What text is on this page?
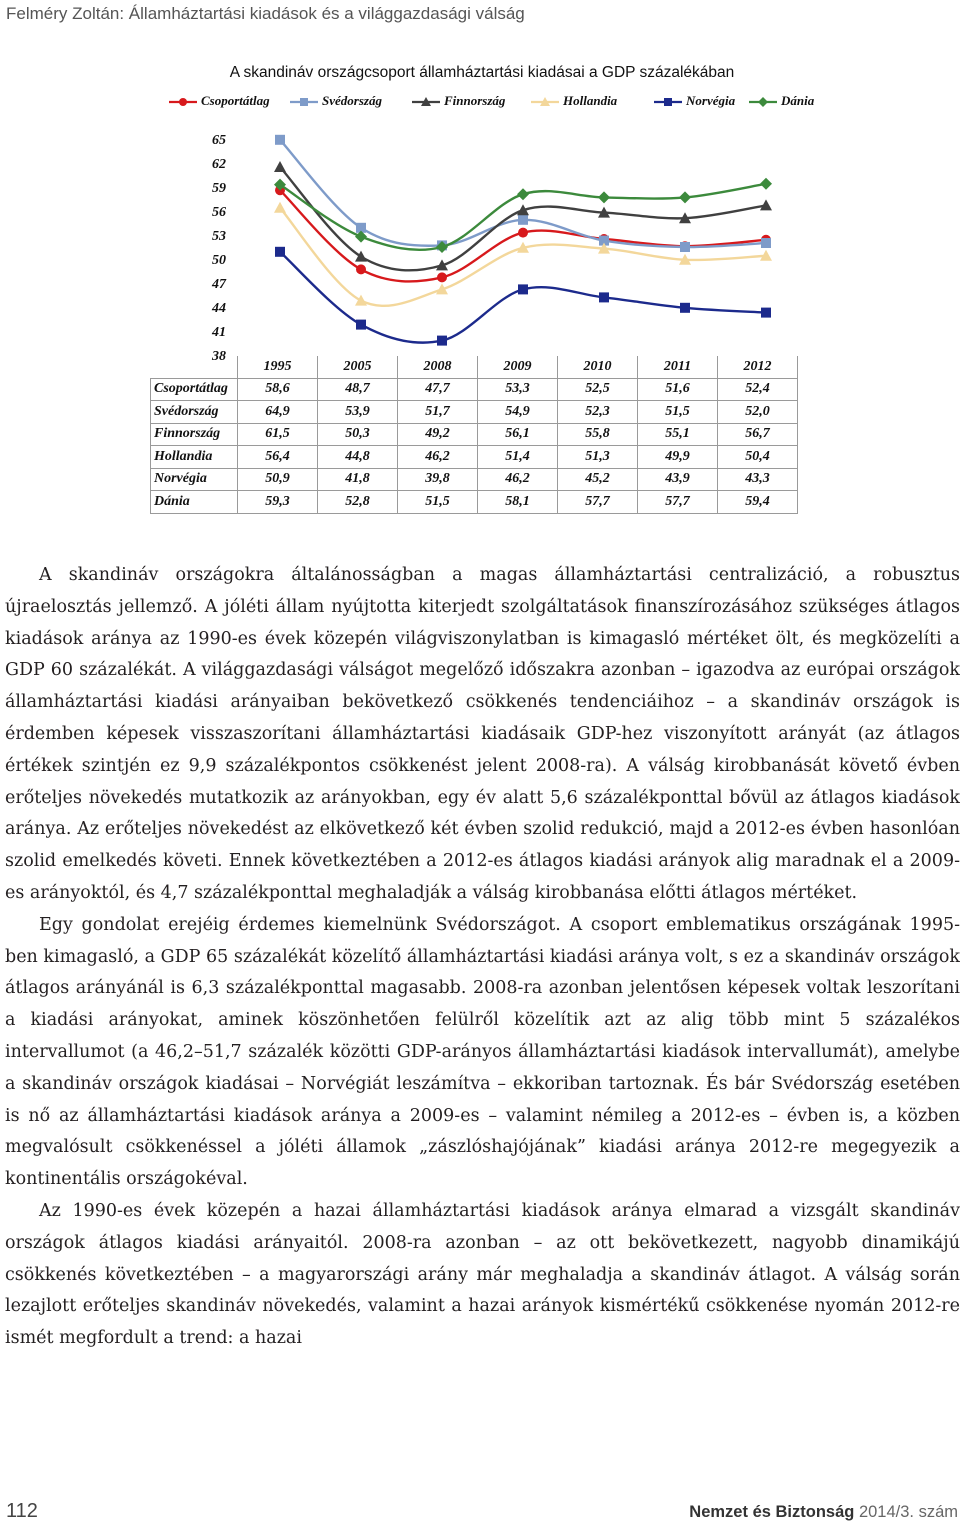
Felméry Zoltán: Államháztartási kiadások és a világgazdasági válság
A skandináv országcsoport államháztartási kiadásai a GDP százalékában
Csoportátlag	Svédország	Finnország	Hollandia	Norvégia	Dánia
65
62
59
56
53
50
47
44
41
38
	1995	2005	2008	2009	2010	2011	2012
Csoportátlag	58,6	48,7	47,7	53,3	52,5	51,6	52,4
Svédország	64,9	53,9	51,7	54,9	52,3	51,5	52,0
Finnország	61,5	50,3	49,2	56,1	55,8	55,1	56,7
Hollandia	56,4	44,8	46,2	51,4	51,3	49,9	50,4
Norvégia	50,9	41,8	39,8	46,2	45,2	43,9	43,3
Dánia	59,3	52,8	51,5	58,1	57,7	57,7	59,4

A skandináv országokra általánosságban a magas államháztartási centralizáció, a robusztus újraelosztás jellemző. A jóléti állam nyújtotta kiterjedt szolgáltatások finanszírozásához szükséges átlagos kiadások aránya az 1990-es évek közepén világviszonylatban is kimagasló mértéket ölt, és megközelíti a GDP 60 százalékát. A világgazdasági válságot megelőző időszakra azonban – igazodva az európai országok államháztartási kiadási arányaiban bekövetkező csökkenés tendenciáihoz – a skandináv országok is érdemben képesek visszaszorítani államháztartási kiadásaik GDP-hez viszonyított arányát (az átlagos értékek szintjén ez 9,9 százalékpontos csökkenést jelent 2008-ra). A válság kirobbanását követő évben erőteljes növekedés mutatkozik az arányokban, egy év alatt 5,6 százalékponttal bővül az átlagos kiadások aránya. Az erőteljes növekedést az elkövetkező két évben szolid redukció, majd a 2012-es évben hasonlóan szolid emelkedés követi. Ennek következtében a 2012-es átlagos kiadási arányok alig maradnak el a 2009-es arányoktól, és 4,7 százalékponttal meghaladják a válság kirobbanása előtti átlagos mértéket.

Egy gondolat erejéig érdemes kiemelnünk Svédországot. A csoport emblematikus országának 1995-ben kimagasló, a GDP 65 százalékát közelítő államháztartási kiadási aránya volt, s ez a skandináv országok átlagos arányánál is 6,3 százalékponttal magasabb. 2008-ra azonban jelentősen képesek voltak leszorítani a kiadási arányokat, aminek köszönhetően felülről közelítik azt az alig több mint 5 százalékos intervallumot (a 46,2–51,7 százalék közötti GDP-arányos államháztartási kiadások intervallumát), amelybe a skandináv országok kiadásai – Norvégiát leszámítva – ekkoriban tartoznak. És bár Svédország esetében is nő az államháztartási kiadások aránya a 2009-es – valamint némileg a 2012-es – évben is, a közben megvalósult csökkenéssel a jóléti államok „zászlóshajójának” kiadási aránya 2012-re megegyezik a kontinentális országokéval.

Az 1990-es évek közepén a hazai államháztartási kiadások aránya elmarad a vizsgált skandináv országok átlagos kiadási arányaitól. 2008-ra azonban – az ott bekövetkezett, nagyobb dinamikájú csökkenés következtében – a magyarországi arány már meghaladja a skandináv átlagot. A válság során lezajlott erőteljes skandináv növekedés, valamint a hazai arányok kismértékű csökkenése nyomán 2012-re ismét megfordult a trend: a hazai

112	Nemzet és Biztonság 2014/3. szám
